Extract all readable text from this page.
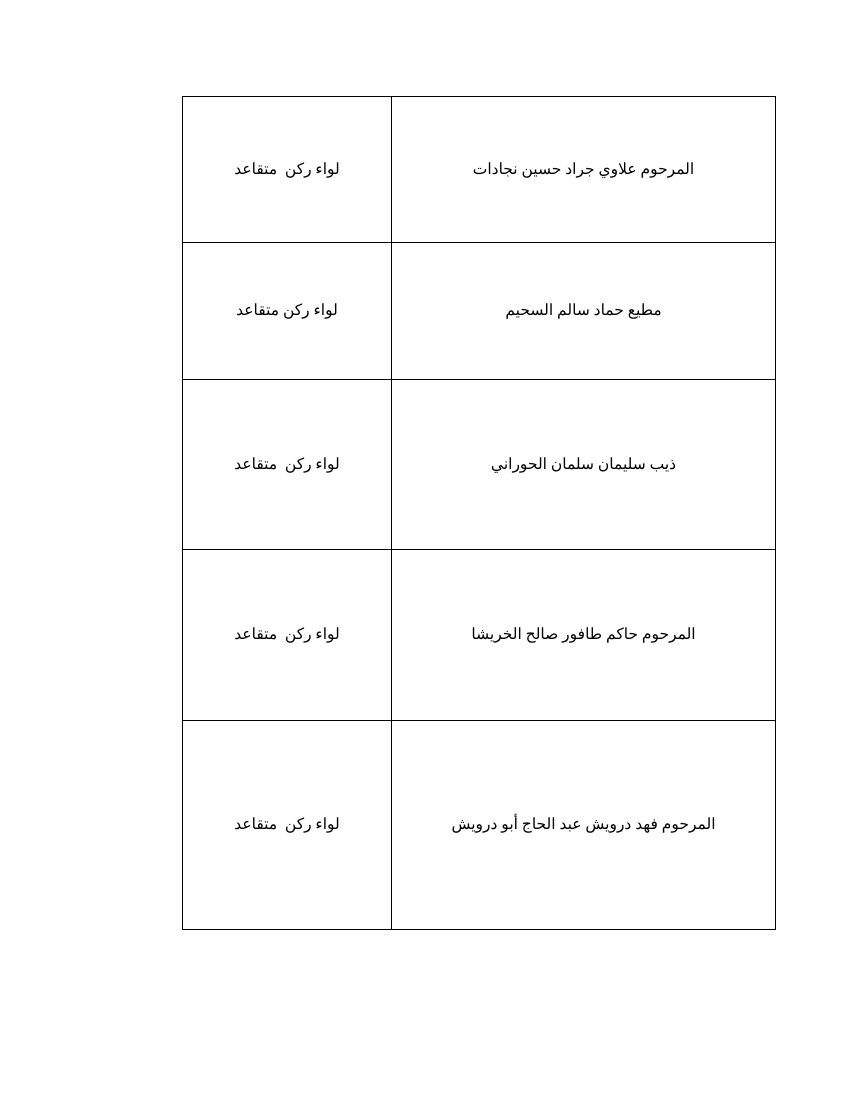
المرحوم علاوي جراد حسين نجادات	لواء ركن  متقاعد

مطيع حماد سالم السحيم	لواء ركن متقاعد

ذيب سليمان سلمان الحوراني	لواء ركن  متقاعد

المرحوم حاكم طافور صالح الخريشا	لواء ركن  متقاعد

المرحوم فهد درويش عبد الحاج أبو درويش	لواء ركن  متقاعد
